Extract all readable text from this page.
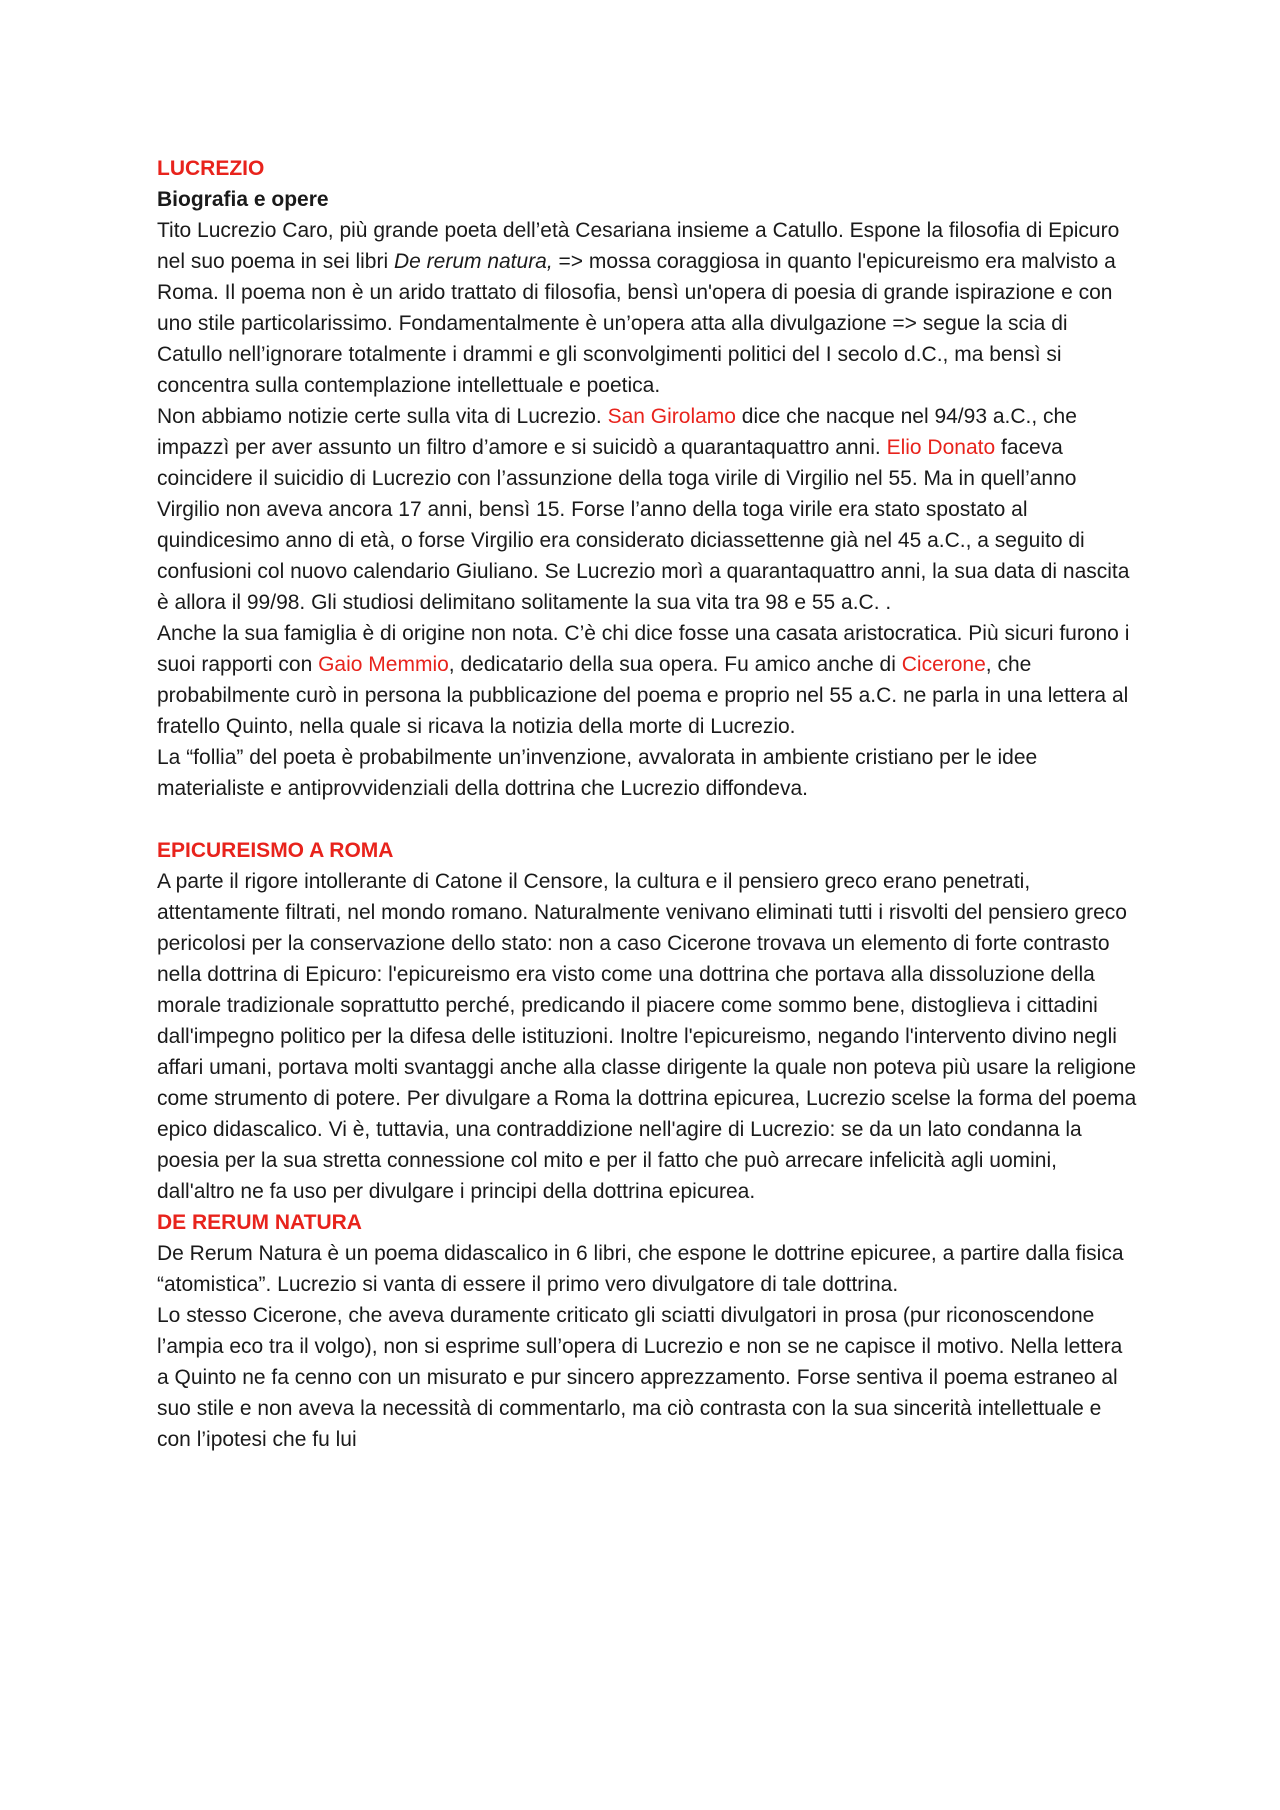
LUCREZIO

Biografia e opere

Tito Lucrezio Caro, più grande poeta dell’età Cesariana insieme a Catullo. Espone la filosofia di Epicuro nel suo poema in sei libri De rerum natura, => mossa coraggiosa in quanto l'epicureismo era malvisto a Roma. Il poema non è un arido trattato di filosofia, bensì un'opera di poesia di grande ispirazione e con uno stile particolarissimo. Fondamentalmente è un’opera atta alla divulgazione => segue la scia di Catullo nell’ignorare totalmente i drammi e gli sconvolgimenti politici del I secolo d.C., ma bensì si concentra sulla contemplazione intellettuale e poetica.

Non abbiamo notizie certe sulla vita di Lucrezio. San Girolamo dice che nacque nel 94/93 a.C., che impazzì per aver assunto un filtro d’amore e si suicidò a quarantaquattro anni. Elio Donato faceva coincidere il suicidio di Lucrezio con l’assunzione della toga virile di Virgilio nel 55. Ma in quell’anno Virgilio non aveva ancora 17 anni, bensì 15. Forse l’anno della toga virile era stato spostato al quindicesimo anno di età, o forse Virgilio era considerato diciassettenne già nel 45 a.C., a seguito di confusioni col nuovo calendario Giuliano. Se Lucrezio morì a quarantaquattro anni, la sua data di nascita è allora il 99/98. Gli studiosi delimitano solitamente la sua vita tra 98 e 55 a.C. .

Anche la sua famiglia è di origine non nota. C’è chi dice fosse una casata aristocratica. Più sicuri furono i suoi rapporti con Gaio Memmio, dedicatario della sua opera. Fu amico anche di Cicerone, che probabilmente curò in persona la pubblicazione del poema e proprio nel 55 a.C. ne parla in una lettera al fratello Quinto, nella quale si ricava la notizia della morte di Lucrezio.

La “follia” del poeta è probabilmente un’invenzione, avvalorata in ambiente cristiano per le idee materialiste e antiprovvidenziali della dottrina che Lucrezio diffondeva.

EPICUREISMO A ROMA

A parte il rigore intollerante di Catone il Censore, la cultura e il pensiero greco erano penetrati, attentamente filtrati, nel mondo romano. Naturalmente venivano eliminati tutti i risvolti del pensiero greco pericolosi per la conservazione dello stato: non a caso Cicerone trovava un elemento di forte contrasto nella dottrina di Epicuro: l'epicureismo era visto come una dottrina che portava alla dissoluzione della morale tradizionale soprattutto perché, predicando il piacere come sommo bene, distoglieva i cittadini dall'impegno politico per la difesa delle istituzioni. Inoltre l'epicureismo, negando l'intervento divino negli affari umani, portava molti svantaggi anche alla classe dirigente la quale non poteva più usare la religione come strumento di potere. Per divulgare a Roma la dottrina epicurea, Lucrezio scelse la forma del poema epico didascalico. Vi è, tuttavia, una contraddizione nell'agire di Lucrezio: se da un lato condanna la poesia per la sua stretta connessione col mito e per il fatto che può arrecare infelicità agli uomini, dall'altro ne fa uso per divulgare i principi della dottrina epicurea.

DE RERUM NATURA

De Rerum Natura è un poema didascalico in 6 libri, che espone le dottrine epicuree, a partire dalla fisica “atomistica”. Lucrezio si vanta di essere il primo vero divulgatore di tale dottrina.

Lo stesso Cicerone, che aveva duramente criticato gli sciatti divulgatori in prosa (pur riconoscendone l’ampia eco tra il volgo), non si esprime sull’opera di Lucrezio e non se ne capisce il motivo. Nella lettera a Quinto ne fa cenno con un misurato e pur sincero apprezzamento. Forse sentiva il poema estraneo al suo stile e non aveva la necessità di commentarlo, ma ciò contrasta con la sua sincerità intellettuale e con l’ipotesi che fu lui
